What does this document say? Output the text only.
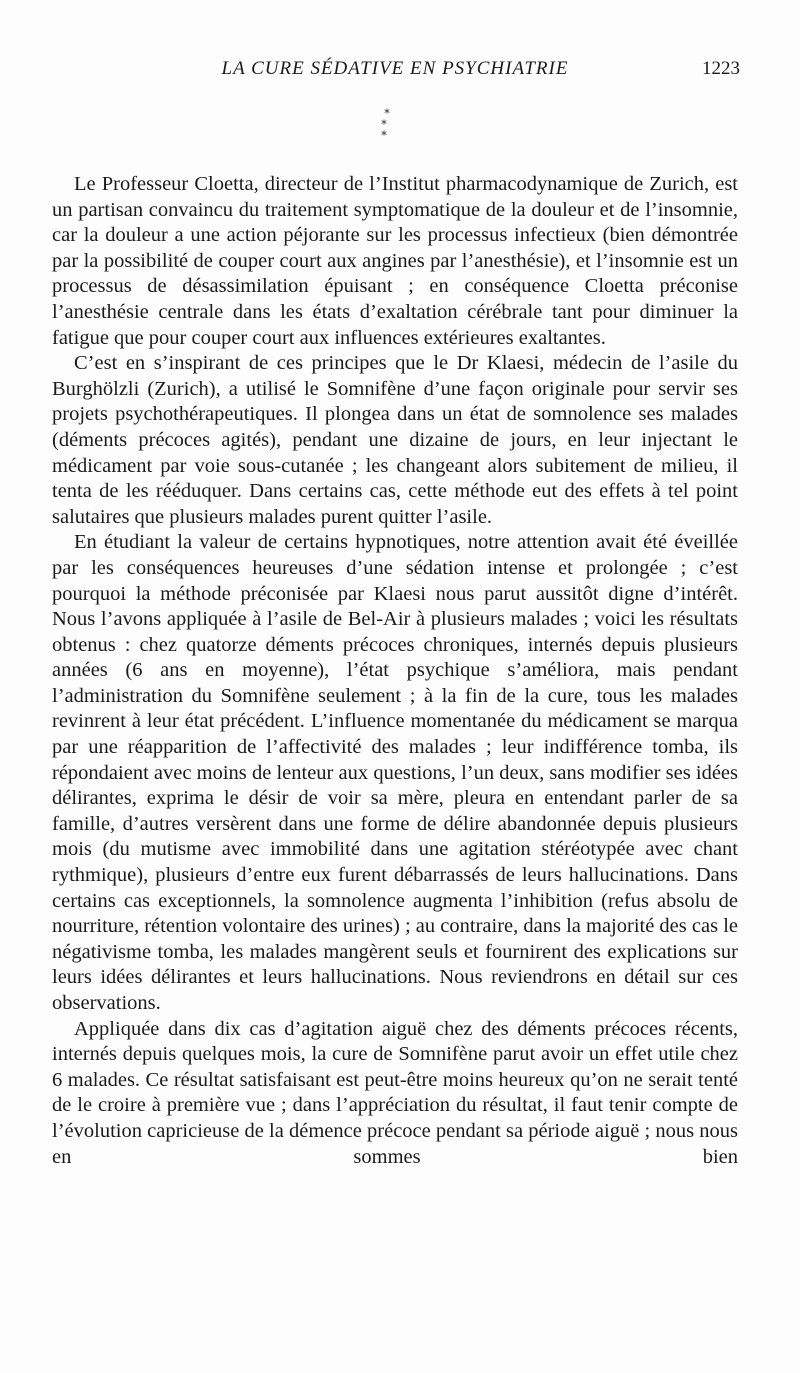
LA CURE SÉDATIVE EN PSYCHIATRIE	1223
*
* *

Le Professeur Cloetta, directeur de l’Institut pharmacodynamique de Zurich, est un partisan convaincu du traitement symptomatique de la douleur et de l’insomnie, car la douleur a une action péjorante sur les processus infectieux (bien démontrée par la possibilité de couper court aux angines par l’anesthésie), et l’insomnie est un processus de désassimilation épuisant ; en conséquence Cloetta préconise l’anesthésie centrale dans les états d’exaltation cérébrale tant pour diminuer la fatigue que pour couper court aux influences extérieures exaltantes.

C’est en s’inspirant de ces principes que le Dr Klaesi, médecin de l’asile du Burghölzli (Zurich), a utilisé le Somnifène d’une façon originale pour servir ses projets psychothérapeutiques. Il plongea dans un état de somnolence ses malades (déments précoces agités), pendant une dizaine de jours, en leur injectant le médicament par voie sous-cutanée ; les changeant alors subitement de milieu, il tenta de les rééduquer. Dans certains cas, cette méthode eut des effets à tel point salutaires que plusieurs malades purent quitter l’asile.

En étudiant la valeur de certains hypnotiques, notre attention avait été éveillée par les conséquences heureuses d’une sédation intense et prolongée ; c’est pourquoi la méthode préconisée par Klaesi nous parut aussitôt digne d’intérêt. Nous l’avons appliquée à l’asile de Bel-Air à plusieurs malades ; voici les résultats obtenus : chez quatorze déments précoces chroniques, internés depuis plusieurs années (6 ans en moyenne), l’état psychique s’améliora, mais pendant l’administration du Somnifène seulement ; à la fin de la cure, tous les malades revinrent à leur état précédent. L’influence momentanée du médicament se marqua par une réapparition de l’affectivité des malades ; leur indifférence tomba, ils répondaient avec moins de lenteur aux questions, l’un deux, sans modifier ses idées délirantes, exprima le désir de voir sa mère, pleura en entendant parler de sa famille, d’autres versèrent dans une forme de délire abandonnée depuis plusieurs mois (du mutisme avec immobilité dans une agitation stéréotypée avec chant rythmique), plusieurs d’entre eux furent débarrassés de leurs hallucinations. Dans certains cas exceptionnels, la somnolence augmenta l’inhibition (refus absolu de nourriture, rétention volontaire des urines) ; au contraire, dans la majorité des cas le négativisme tomba, les malades mangèrent seuls et fournirent des explications sur leurs idées délirantes et leurs hallucinations. Nous reviendrons en détail sur ces observations.

Appliquée dans dix cas d’agitation aiguë chez des déments précoces récents, internés depuis quelques mois, la cure de Somnifène parut avoir un effet utile chez 6 malades. Ce résultat satisfaisant est peut-être moins heureux qu’on ne serait tenté de le croire à première vue ; dans l’appréciation du résultat, il faut tenir compte de l’évolution capricieuse de la démence précoce pendant sa période aiguë ; nous nous en sommes bien
